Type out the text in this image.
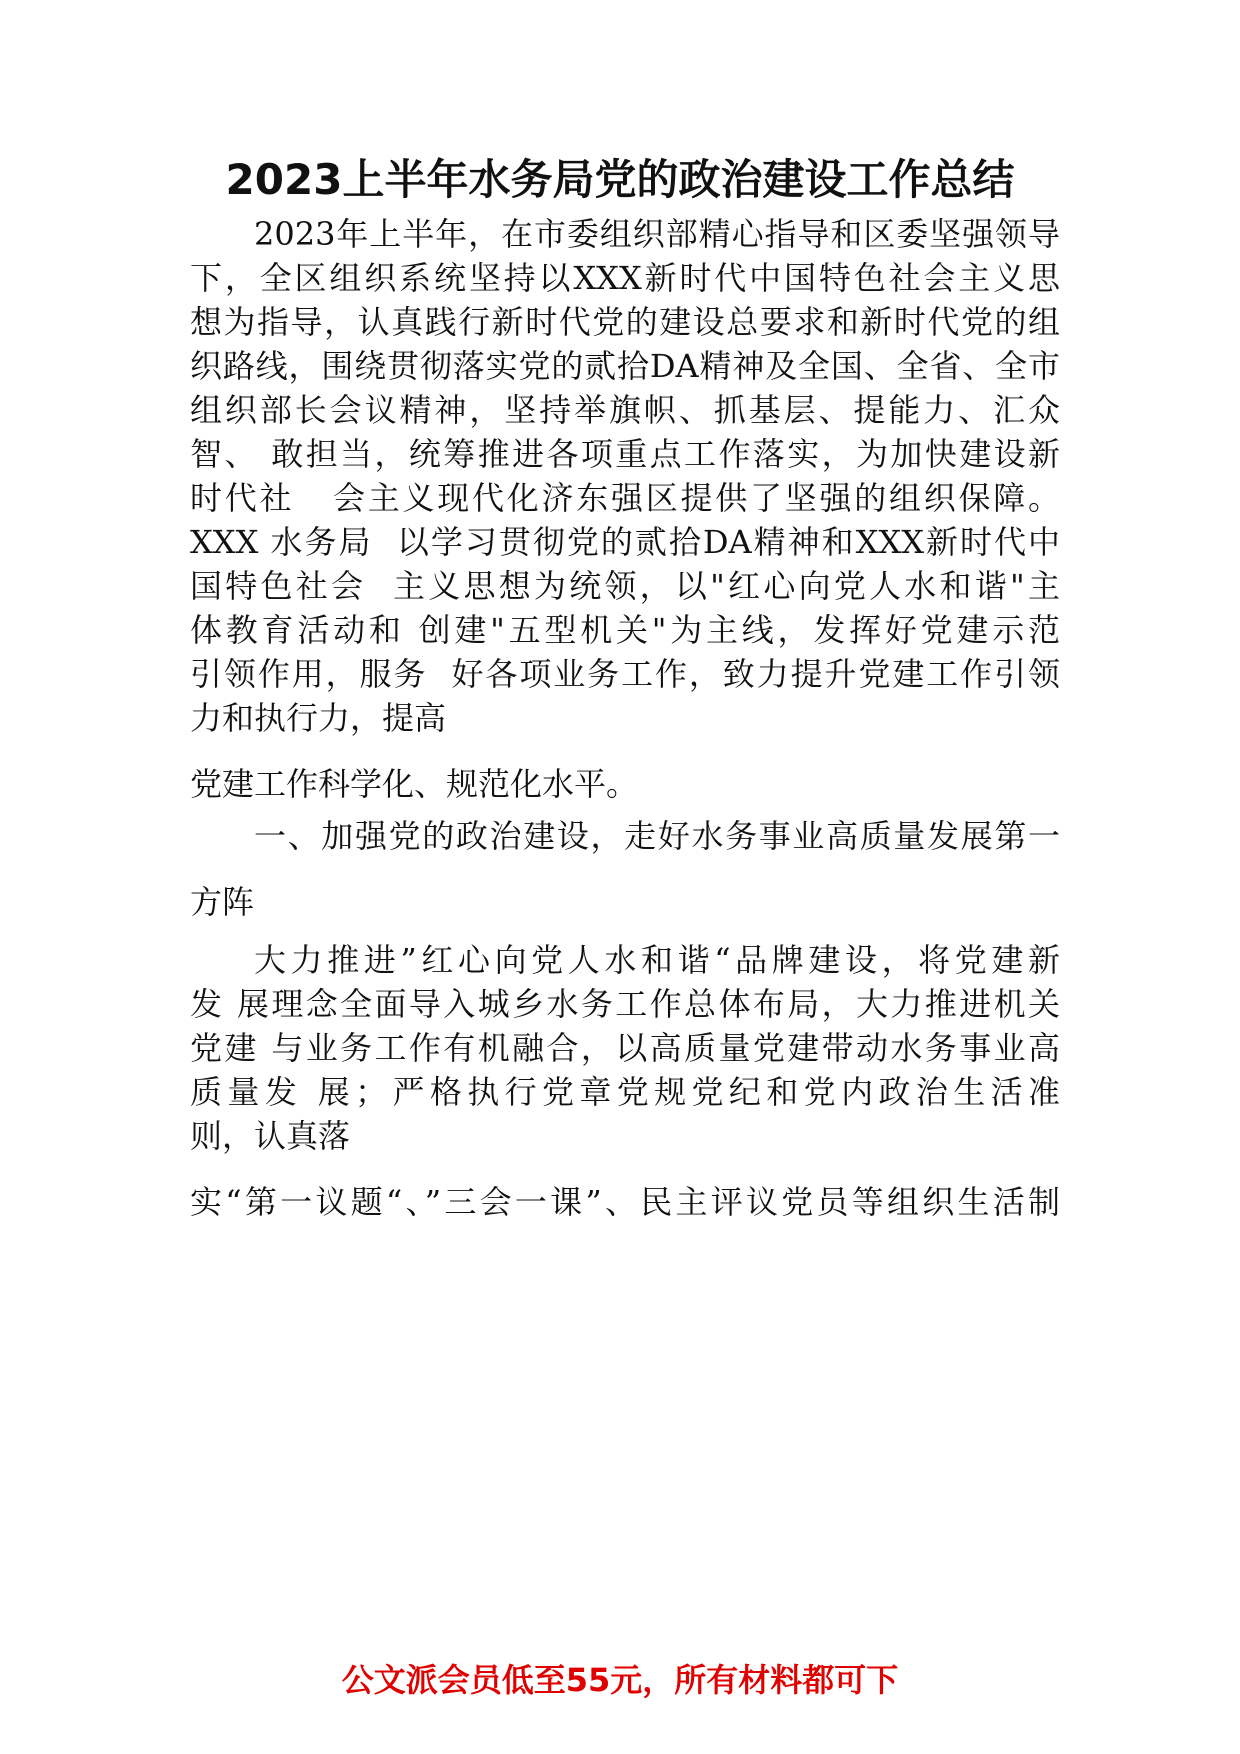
2023上半年水务局党的政治建设工作总结
2023年上半年，在市委组织部精心指导和区委坚强领导
下，全区组织系统坚持以XXX新时代中国特色社会主义思
想为指导，认真践行新时代党的建设总要求和新时代党的组
织路线，围绕贯彻落实党的贰拾DA精神及全国、全省、全市
组织部长会议精神，坚持举旗帜、抓基层、提能力、汇众
智、 敢担当，统筹推进各项重点工作落实，为加快建设新
时代社   会主义现代化济东强区提供了坚强的组织保障。
XXX 水务局  以学习贯彻党的贰拾DA精神和XXX新时代中
国特色社会  主义思想为统领，以"红心向党人水和谐"主
体教育活动和 创建"五型机关"为主线，发挥好党建示范
引领作用，服务  好各项业务工作，致力提升党建工作引领
力和执行力，提高
党建工作科学化、规范化水平。
一、加强党的政治建设，走好水务事业高质量发展第一
方阵
大力推进”红心向党人水和谐“品牌建设，将党建新
发 展理念全面导入城乡水务工作总体布局，大力推进机关
党建 与业务工作有机融合，以高质量党建带动水务事业高
质量发 展；严格执行党章党规党纪和党内政治生活准
则，认真落
实“第一议题“、”三会一课”、民主评议党员等组织生活制
公文派会员低至55元，所有材料都可下
